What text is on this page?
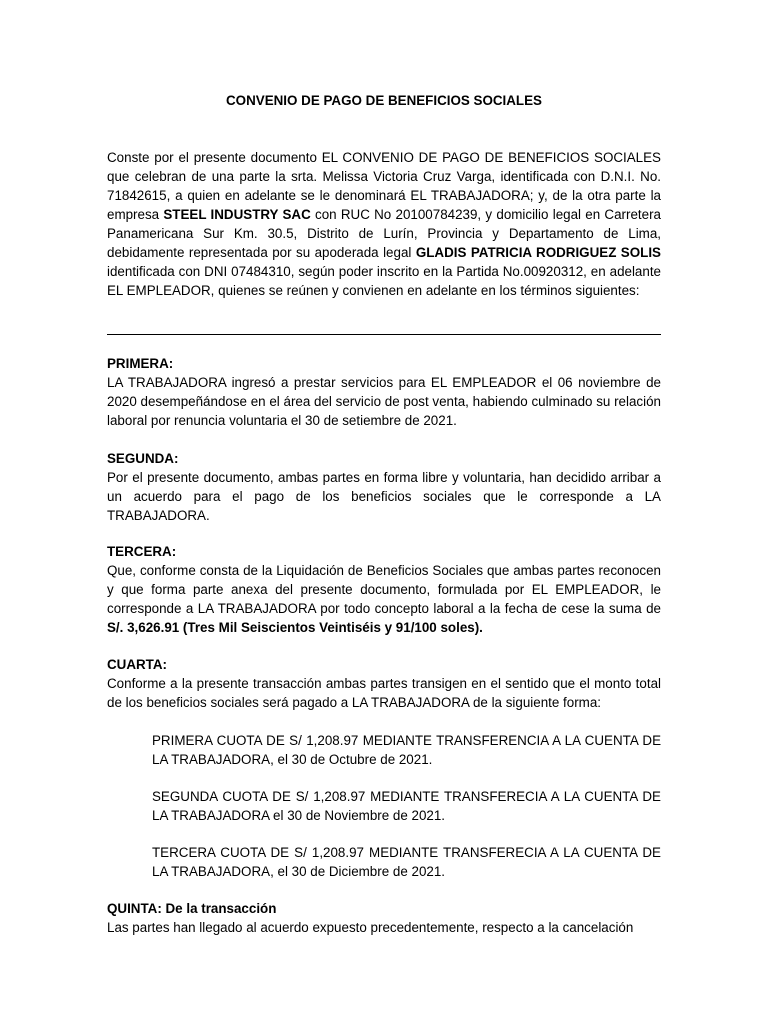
CONVENIO DE PAGO DE BENEFICIOS SOCIALES
Conste por el presente documento EL CONVENIO DE PAGO DE BENEFICIOS SOCIALES que celebran de una parte la srta. Melissa Victoria Cruz Varga, identificada con D.N.I. No. 71842615, a quien en adelante se le denominará EL TRABAJADORA; y, de la otra parte la empresa STEEL INDUSTRY SAC con RUC No 20100784239, y domicilio legal en Carretera Panamericana Sur Km. 30.5, Distrito de Lurín, Provincia y Departamento de Lima, debidamente representada por su apoderada legal GLADIS PATRICIA RODRIGUEZ SOLIS identificada con DNI 07484310, según poder inscrito en la Partida No.00920312, en adelante EL EMPLEADOR, quienes se reúnen y convienen en adelante en los términos siguientes:
PRIMERA:
LA TRABAJADORA ingresó a prestar servicios para EL EMPLEADOR el 06 noviembre de 2020 desempeñándose en el área del servicio de post venta, habiendo culminado su relación laboral por renuncia voluntaria el 30 de setiembre de 2021.
SEGUNDA:
Por el presente documento, ambas partes en forma libre y voluntaria, han decidido arribar a un acuerdo para el pago de los beneficios sociales que le corresponde a LA TRABAJADORA.
TERCERA:
Que, conforme consta de la Liquidación de Beneficios Sociales que ambas partes reconocen y que forma parte anexa del presente documento, formulada por EL EMPLEADOR, le corresponde a LA TRABAJADORA por todo concepto laboral a la fecha de cese la suma de S/. 3,626.91 (Tres Mil Seiscientos Veintiséis y 91/100 soles).
CUARTA:
Conforme a la presente transacción ambas partes transigen en el sentido que el monto total de los beneficios sociales será pagado a LA TRABAJADORA de la siguiente forma:
PRIMERA CUOTA DE S/ 1,208.97 MEDIANTE TRANSFERENCIA A LA CUENTA DE LA TRABAJADORA, el 30 de Octubre de 2021.
SEGUNDA CUOTA DE S/ 1,208.97 MEDIANTE TRANSFERECIA A LA CUENTA DE LA TRABAJADORA el 30 de Noviembre de 2021.
TERCERA CUOTA DE S/ 1,208.97 MEDIANTE TRANSFERECIA A LA CUENTA DE LA TRABAJADORA, el 30 de Diciembre de 2021.
QUINTA: De la transacción
Las partes han llegado al acuerdo expuesto precedentemente, respecto a la cancelación
